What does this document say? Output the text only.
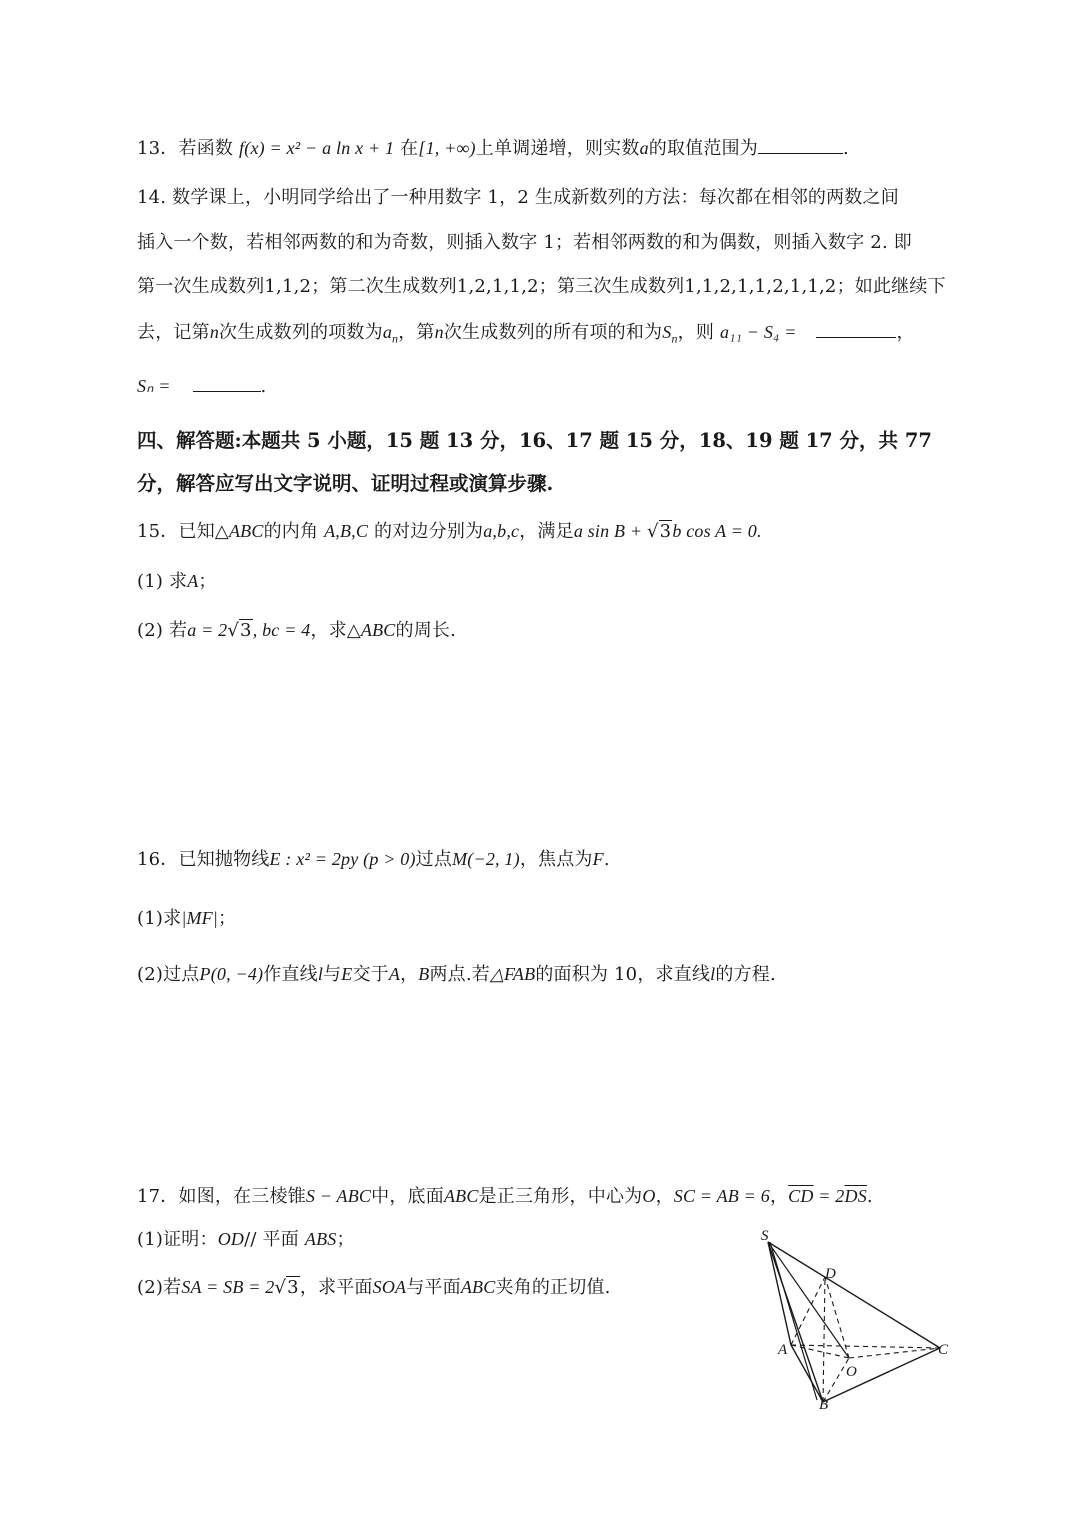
13．若函数 f(x) = x² − a ln x + 1 在[1, +∞)上单调递增，则实数a的取值范围为	.
14. 数学课上，小明同学给出了一种用数字 1，2 生成新数列的方法：每次都在相邻的两数之间
插入一个数，若相邻两数的和为奇数，则插入数字 1；若相邻两数的和为偶数，则插入数字 2. 即
第一次生成数列1,1,2；第二次生成数列1,2,1,1,2；第三次生成数列1,1,2,1,1,2,1,1,2；如此继续下
去，记第n次生成数列的项数为$a_n$，第n次生成数列的所有项的和为$S_n$，则 a₁₁ − S₄ =	，
Sₙ =	.
四、解答题:本题共 5 小题，15 题 13 分，16、17 题 15 分，18、19 题 17 分，共 77
分，解答应写出文字说明、证明过程或演算步骤.
15．已知△ABC的内角 A,B,C 的对边分别为a,b,c，满足a sin B + √3b cos A = 0.
(1) 求A；
(2) 若a = 2√3, bc = 4，求△ABC的周长.
16．已知抛物线E : x² = 2py (p > 0)过点M(−2, 1)，焦点为F.
(1)求|MF|；
(2)过点P(0, −4)作直线l与E交于A，B两点.若△FAB的面积为 10，求直线l的方程.
17．如图，在三棱锥S − ABC中，底面ABC是正三角形，中心为O，SC = AB = 6，$\overline{CD} = 2\overline{DS}$.
(1)证明：OD// 平面 ABS；
(2)若SA = SB = 2√3，求平面SOA与平面ABC夹角的正切值.
S
D
A
O
C
B
